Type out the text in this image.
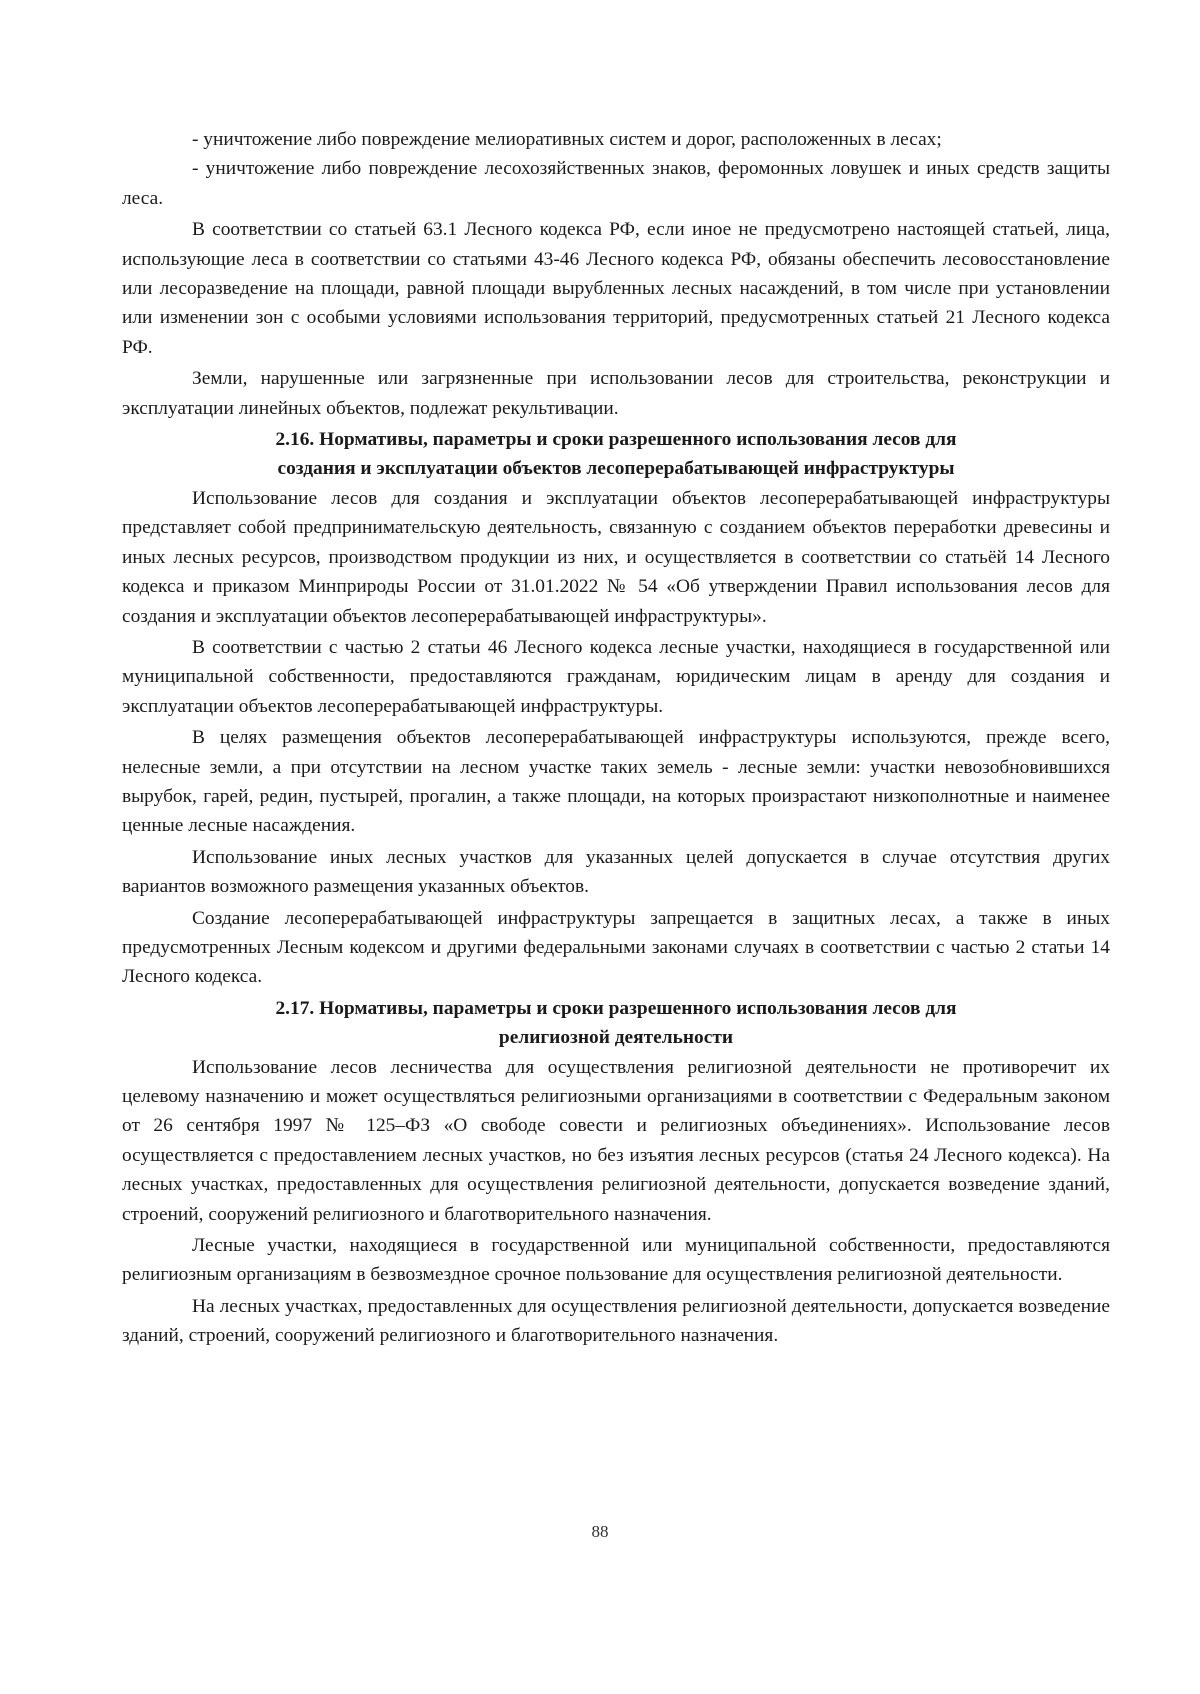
- уничтожение либо повреждение мелиоративных систем и дорог, расположенных в лесах;

- уничтожение либо повреждение лесохозяйственных знаков, феромонных ловушек и иных средств защиты леса.

В соответствии со статьей 63.1 Лесного кодекса РФ, если иное не предусмотрено настоящей статьей, лица, использующие леса в соответствии со статьями 43-46 Лесного кодекса РФ, обязаны обеспечить лесовосстановление или лесоразведение на площади, равной площади вырубленных лесных насаждений, в том числе при установлении или изменении зон с особыми условиями использования территорий, предусмотренных статьей 21 Лесного кодекса РФ.

Земли, нарушенные или загрязненные при использовании лесов для строительства, реконструкции и эксплуатации линейных объектов, подлежат рекультивации.

2.16. Нормативы, параметры и сроки разрешенного использования лесов для
создания и эксплуатации объектов лесоперерабатывающей инфраструктуры

Использование лесов для создания и эксплуатации объектов лесоперерабатывающей инфраструктуры представляет собой предпринимательскую деятельность, связанную с созданием объектов переработки древесины и иных лесных ресурсов, производством продукции из них, и осуществляется в соответствии со статьёй 14 Лесного кодекса и приказом Минприроды России от 31.01.2022 № 54 «Об утверждении Правил использования лесов для создания и эксплуатации объектов лесоперерабатывающей инфраструктуры».

В соответствии с частью 2 статьи 46 Лесного кодекса лесные участки, находящиеся в государственной или муниципальной собственности, предоставляются гражданам, юридическим лицам в аренду для создания и эксплуатации объектов лесоперерабатывающей инфраструктуры.

В целях размещения объектов лесоперерабатывающей инфраструктуры используются, прежде всего, нелесные земли, а при отсутствии на лесном участке таких земель - лесные земли: участки невозобновившихся вырубок, гарей, редин, пустырей, прогалин, а также площади, на которых произрастают низкополнотные и наименее ценные лесные насаждения.

Использование иных лесных участков для указанных целей допускается в случае отсутствия других вариантов возможного размещения указанных объектов.

Создание лесоперерабатывающей инфраструктуры запрещается в защитных лесах, а также в иных предусмотренных Лесным кодексом и другими федеральными законами случаях в соответствии с частью 2 статьи 14 Лесного кодекса.

2.17. Нормативы, параметры и сроки разрешенного использования лесов для
религиозной деятельности

Использование лесов лесничества для осуществления религиозной деятельности не противоречит их целевому назначению и может осуществляться религиозными организациями в соответствии с Федеральным законом от 26 сентября 1997 № 125–ФЗ «О свободе совести и религиозных объединениях». Использование лесов осуществляется с предоставлением лесных участков, но без изъятия лесных ресурсов (статья 24 Лесного кодекса). На лесных участках, предоставленных для осуществления религиозной деятельности, допускается возведение зданий, строений, сооружений религиозного и благотворительного назначения.

Лесные участки, находящиеся в государственной или муниципальной собственности, предоставляются религиозным организациям в безвозмездное срочное пользование для осуществления религиозной деятельности.

На лесных участках, предоставленных для осуществления религиозной деятельности, допускается возведение зданий, строений, сооружений религиозного и благотворительного назначения.

88
